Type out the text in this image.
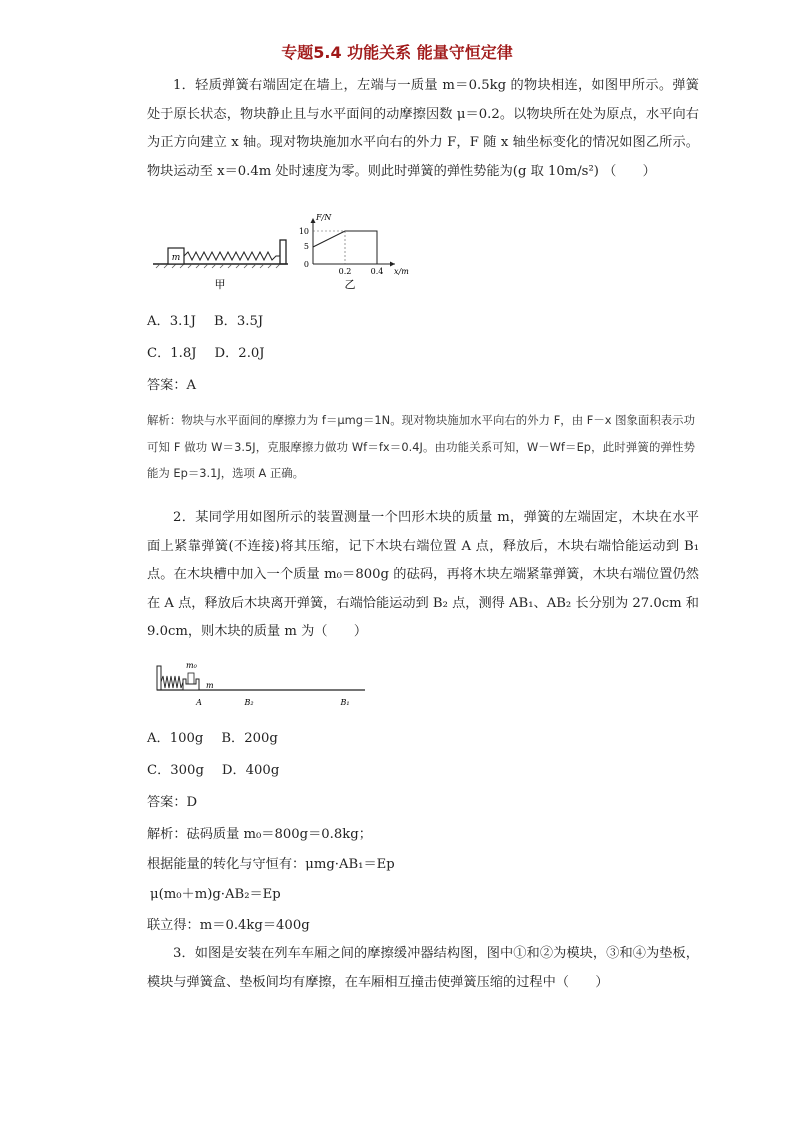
专题5.4 功能关系 能量守恒定律

1．轻质弹簧右端固定在墙上，左端与一质量 m＝0.5kg 的物块相连，如图甲所示。弹簧处于原长状态，物块静止且与水平面间的动摩擦因数 μ＝0.2。以物块所在处为原点，水平向右为正方向建立 x 轴。现对物块施加水平向右的外力 F，F 随 x 轴坐标变化的情况如图乙所示。物块运动至 x＝0.4m 处时速度为零。则此时弹簧的弹性势能为(g 取 10m/s²) （　　）

m
甲
F/N
x/m
10
5
0
0.2 0.4
乙
A．3.1J B．3.5J
C．1.8J D．2.0J
答案：A

解析：物块与水平面间的摩擦力为 f＝μmg＝1N。现对物块施加水平向右的外力 F，由 F－x 图象面积表示功可知 F 做功 W＝3.5J，克服摩擦力做功 Wf＝fx＝0.4J。由功能关系可知，W－Wf＝Ep，此时弹簧的弹性势能为 Ep＝3.1J，选项 A 正确。

2．某同学用如图所示的装置测量一个凹形木块的质量 m，弹簧的左端固定，木块在水平面上紧靠弹簧(不连接)将其压缩，记下木块右端位置 A 点，释放后，木块右端恰能运动到 B₁ 点。在木块槽中加入一个质量 m₀＝800g 的砝码，再将木块左端紧靠弹簧，木块右端位置仍然在 A 点，释放后木块离开弹簧，右端恰能运动到 B₂ 点，测得 AB₁、AB₂ 长分别为 27.0cm 和 9.0cm，则木块的质量 m 为（　　）

m₀
m
A	B₂	B₁
A．100g B．200g
C．300g D．400g
答案：D
解析：砝码质量 m₀＝800g＝0.8kg；
根据能量的转化与守恒有：μmg·AB₁＝Ep
μ(m₀＋m)g·AB₂＝Ep
联立得：m＝0.4kg＝400g

3．如图是安装在列车车厢之间的摩擦缓冲器结构图，图中①和②为模块，③和④为垫板，模块与弹簧盒、垫板间均有摩擦，在车厢相互撞击使弹簧压缩的过程中（　　）
